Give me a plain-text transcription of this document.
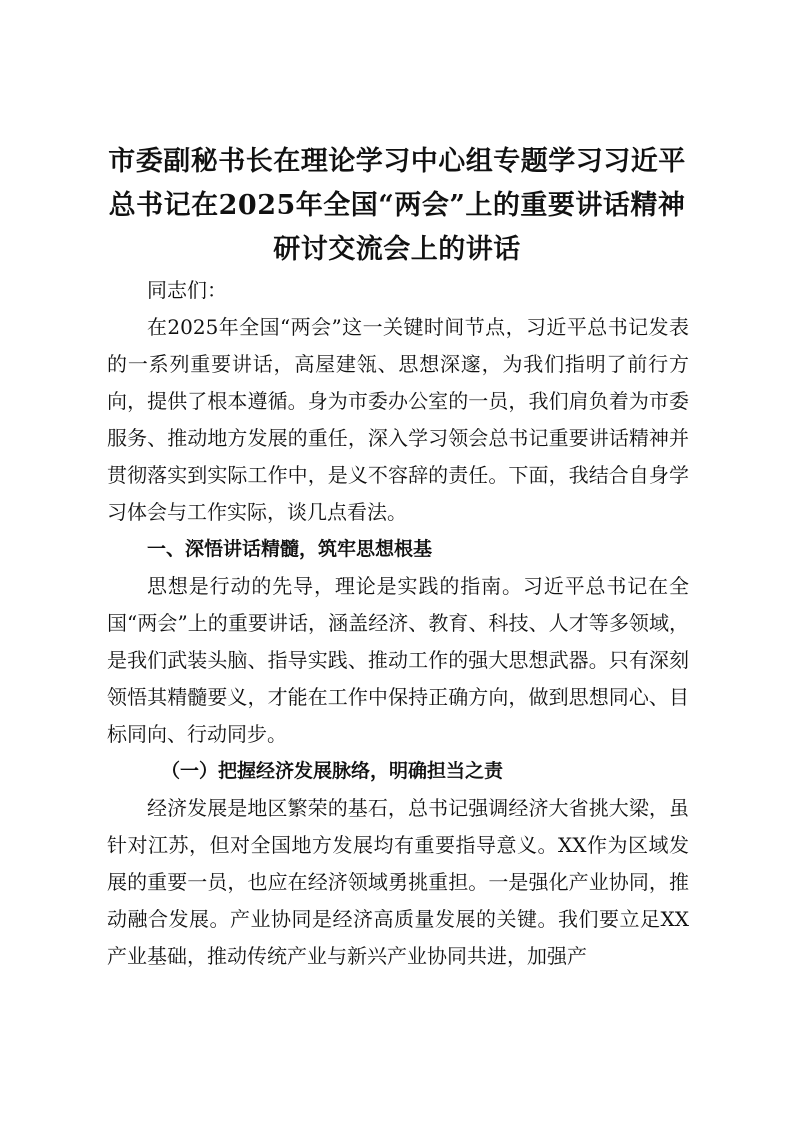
市委副秘书长在理论学习中心组专题学习习近平总书记在2025年全国“两会”上的重要讲话精神研讨交流会上的讲话

同志们：

在2025年全国“两会”这一关键时间节点，习近平总书记发表的一系列重要讲话，高屋建瓴、思想深邃，为我们指明了前行方向，提供了根本遵循。身为市委办公室的一员，我们肩负着为市委服务、推动地方发展的重任，深入学习领会总书记重要讲话精神并贯彻落实到实际工作中，是义不容辞的责任。下面，我结合自身学习体会与工作实际，谈几点看法。

一、深悟讲话精髓，筑牢思想根基

思想是行动的先导，理论是实践的指南。习近平总书记在全国“两会”上的重要讲话，涵盖经济、教育、科技、人才等多领域，是我们武装头脑、指导实践、推动工作的强大思想武器。只有深刻领悟其精髓要义，才能在工作中保持正确方向，做到思想同心、目标同向、行动同步。

（一）把握经济发展脉络，明确担当之责

经济发展是地区繁荣的基石，总书记强调经济大省挑大梁，虽针对江苏，但对全国地方发展均有重要指导意义。XX作为区域发展的重要一员，也应在经济领域勇挑重担。一是强化产业协同，推动融合发展。产业协同是经济高质量发展的关键。我们要立足XX产业基础，推动传统产业与新兴产业协同共进，加强产
